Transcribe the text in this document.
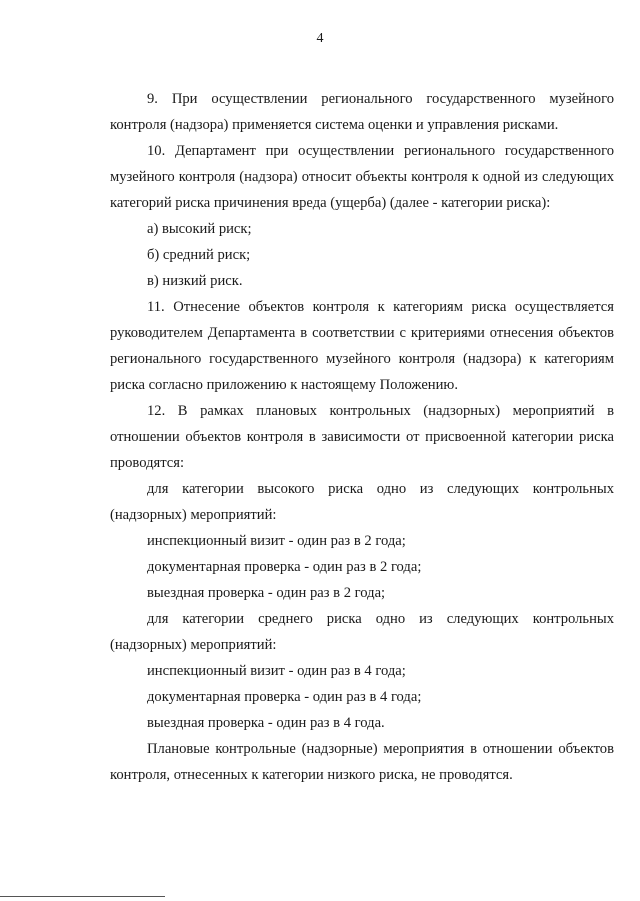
4

9. При осуществлении регионального государственного музейного контроля (надзора) применяется система оценки и управления рисками.

10. Департамент при осуществлении регионального государственного музейного контроля (надзора) относит объекты контроля к одной из следующих категорий риска причинения вреда (ущерба) (далее - категории риска):

а) высокий риск;

б) средний риск;

в) низкий риск.

11. Отнесение объектов контроля к категориям риска осуществляется руководителем Департамента в соответствии с критериями отнесения объектов регионального государственного музейного контроля (надзора) к категориям риска согласно приложению к настоящему Положению.

12. В рамках плановых контрольных (надзорных) мероприятий в отношении объектов контроля в зависимости от присвоенной категории риска проводятся:

для категории высокого риска одно из следующих контрольных (надзорных) мероприятий:

инспекционный визит - один раз в 2 года;

документарная проверка - один раз в 2 года;

выездная проверка - один раз в 2 года;

для категории среднего риска одно из следующих контрольных (надзорных) мероприятий:

инспекционный визит - один раз в 4 года;

документарная проверка - один раз в 4 года;

выездная проверка - один раз в 4 года.

Плановые контрольные (надзорные) мероприятия в отношении объектов контроля, отнесенных к категории низкого риска, не проводятся.
